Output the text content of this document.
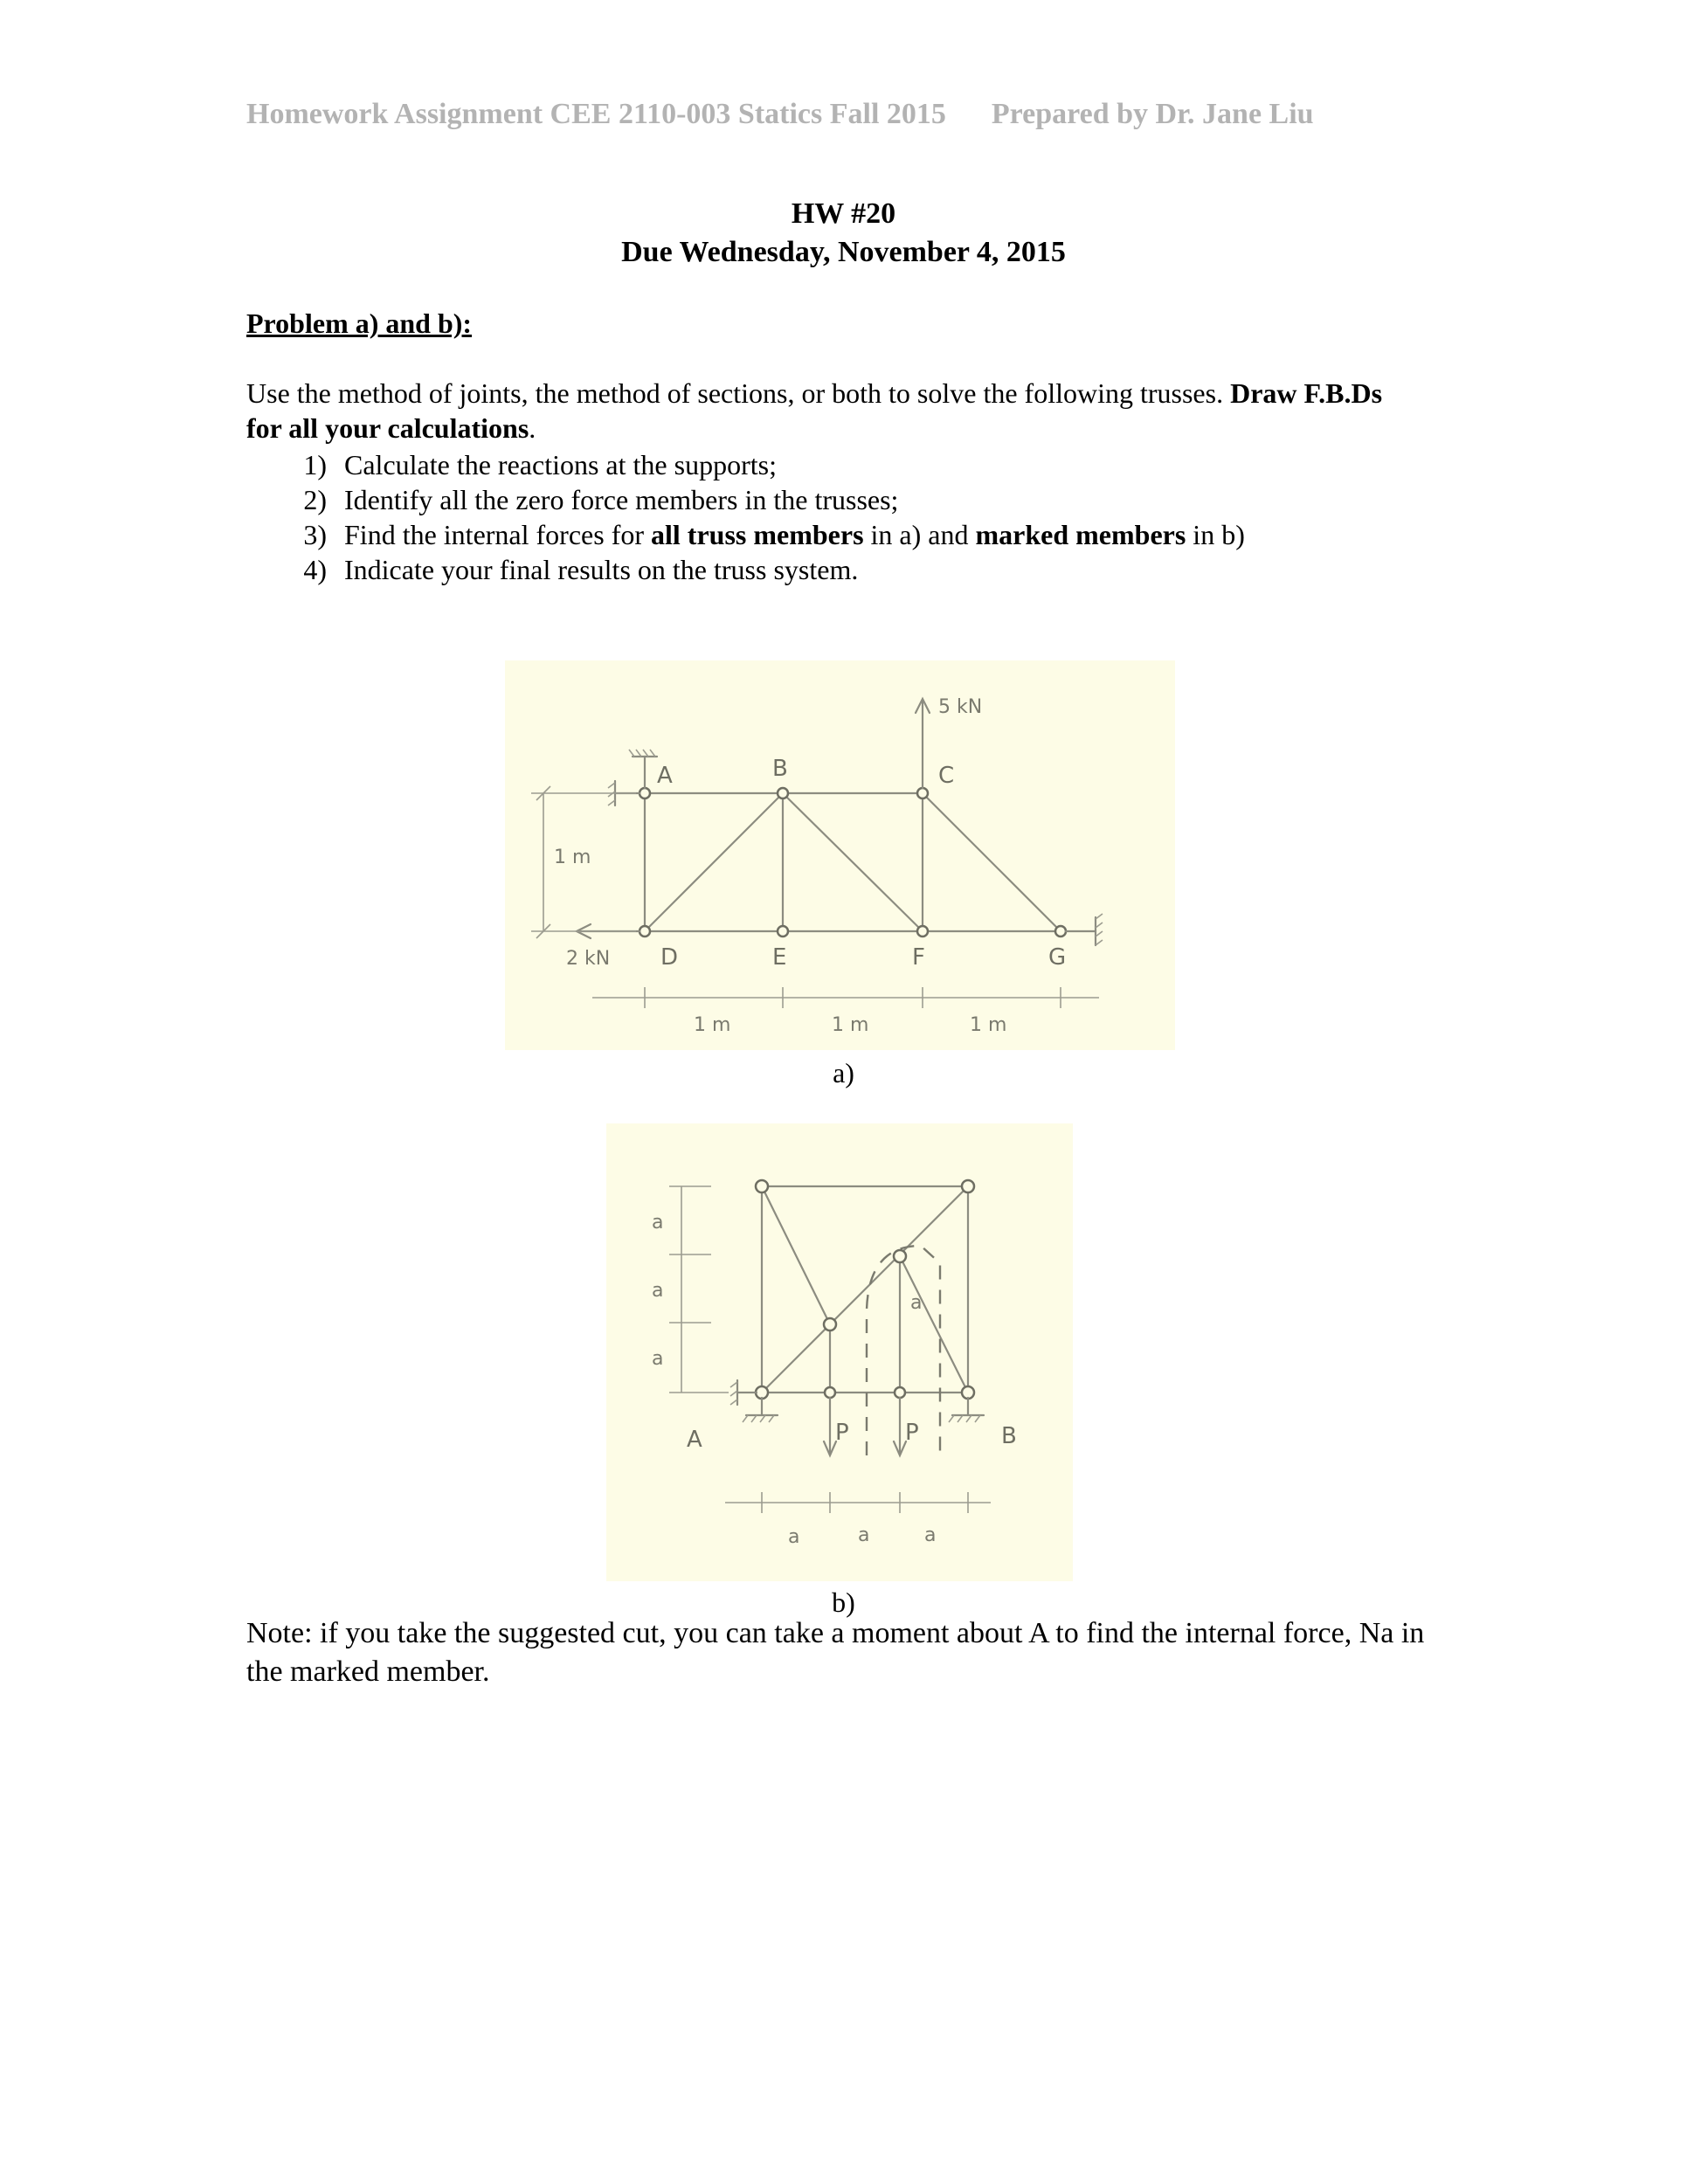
Homework Assignment CEE 2110-003 Statics Fall 2015 Prepared by Dr. Jane Liu
HW #20
Due Wednesday, November 4, 2015
Problem a) and b):
Use the method of joints, the method of sections, or both to solve the following trusses. Draw F.B.Ds for all your calculations.
1) Calculate the reactions at the supports;
2) Identify all the zero force members in the trusses;
3) Find the internal forces for all truss members in a) and marked members in b)
4) Indicate your final results on the truss system.
A	B	C
D	E	F	G
5 kN
2 kN
1 m
1 m	1 m	1 m
a)
A	B
P P
a
a
a
a
a	a	a
b)
Note: if you take the suggested cut, you can take a moment about A to find the internal force, Na in the marked member.
